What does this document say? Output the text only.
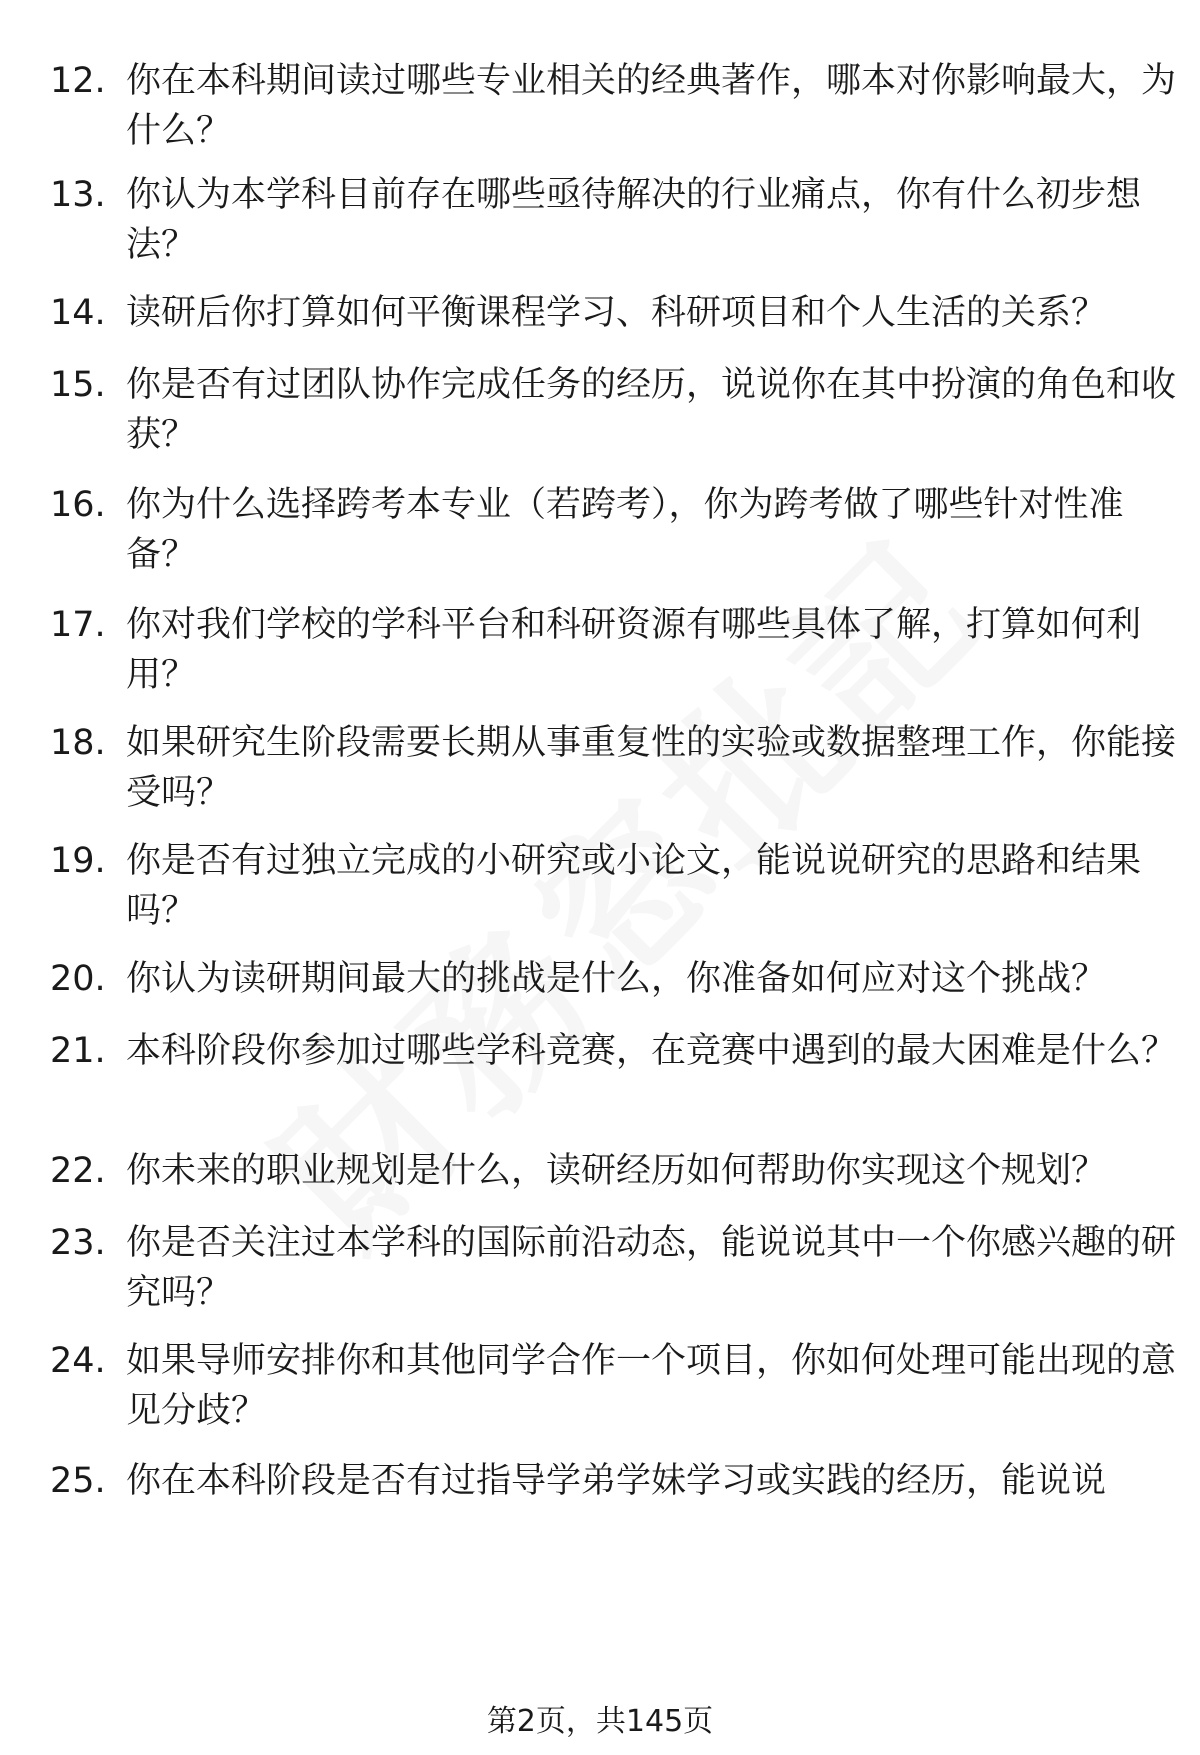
12. 你在本科期间读过哪些专业相关的经典著作，哪本对你影响最大，为什么？
13. 你认为本学科目前存在哪些亟待解决的行业痛点，你有什么初步想法？
14. 读研后你打算如何平衡课程学习、科研项目和个人生活的关系？
15. 你是否有过团队协作完成任务的经历，说说你在其中扮演的角色和收获？
16. 你为什么选择跨考本专业（若跨考），你为跨考做了哪些针对性准备？
17. 你对我们学校的学科平台和科研资源有哪些具体了解，打算如何利用？
18. 如果研究生阶段需要长期从事重复性的实验或数据整理工作，你能接受吗？
19. 你是否有过独立完成的小研究或小论文，能说说研究的思路和结果吗？
20. 你认为读研期间最大的挑战是什么，你准备如何应对这个挑战？
21. 本科阶段你参加过哪些学科竞赛，在竞赛中遇到的最大困难是什么？
22. 你未来的职业规划是什么，读研经历如何帮助你实现这个规划？
23. 你是否关注过本学科的国际前沿动态，能说说其中一个你感兴趣的研究吗？
24. 如果导师安排你和其他同学合作一个项目，你如何处理可能出现的意见分歧？
25. 你在本科阶段是否有过指导学弟学妹学习或实践的经历，能说说
第2页，共145页
